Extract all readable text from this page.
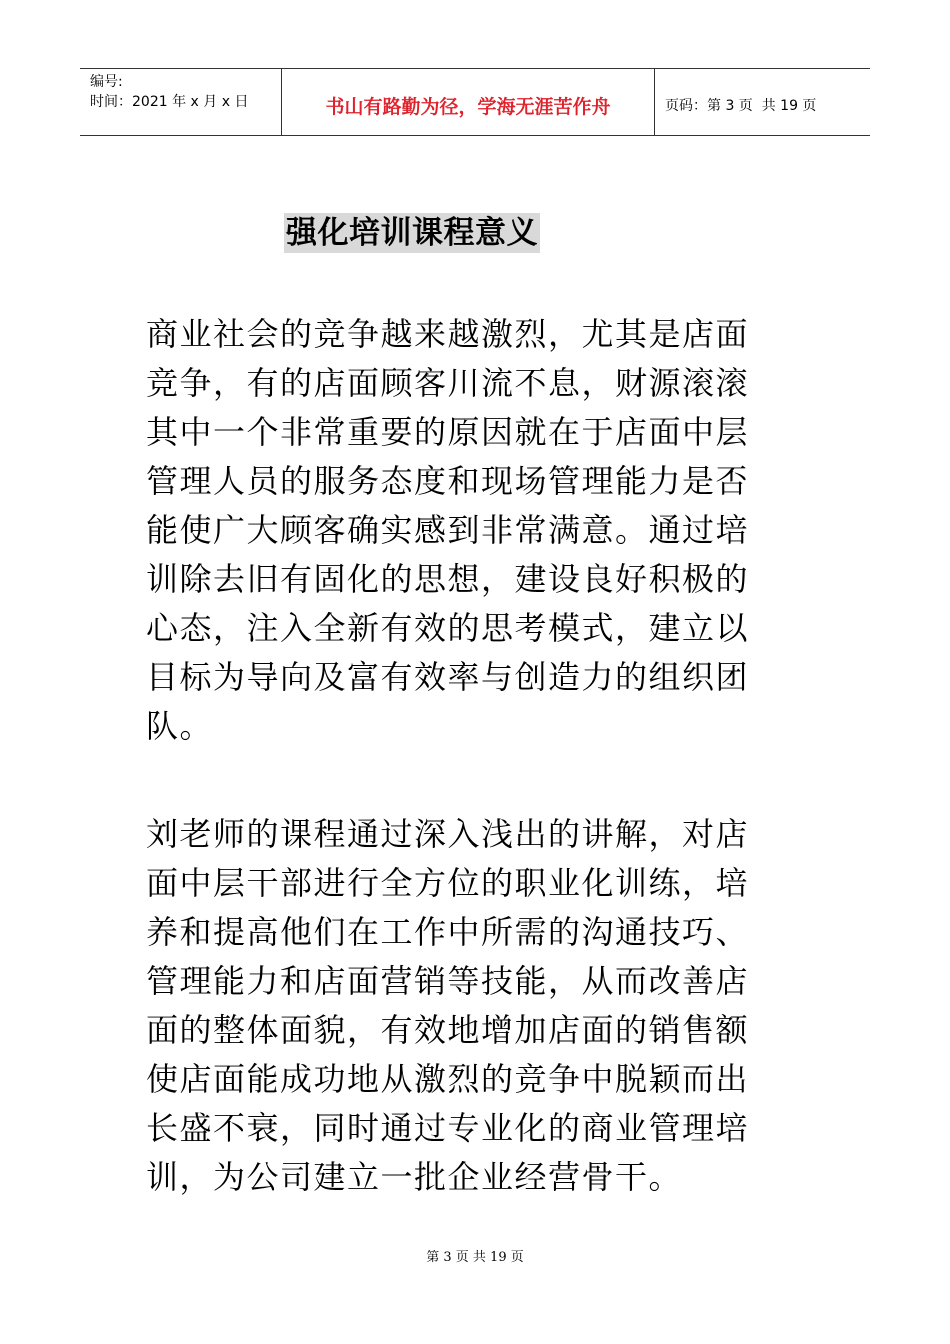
编号:
时间：2021 年 x 月 x 日	书山有路勤为径，学海无涯苦作舟	页码：第 3 页  共 19 页
强化培训课程意义
商业社会的竞争越来越激烈，尤其是店面
竞争，有的店面顾客川流不息，财源滚滚
其中一个非常重要的原因就在于店面中层
管理人员的服务态度和现场管理能力是否
能使广大顾客确实感到非常满意。通过培
训除去旧有固化的思想，建设良好积极的
心态，注入全新有效的思考模式，建立以
目标为导向及富有效率与创造力的组织团
队。
刘老师的课程通过深入浅出的讲解，对店
面中层干部进行全方位的职业化训练，培
养和提高他们在工作中所需的沟通技巧、
管理能力和店面营销等技能，从而改善店
面的整体面貌，有效地增加店面的销售额
使店面能成功地从激烈的竞争中脱颖而出
长盛不衰，同时通过专业化的商业管理培
训，为公司建立一批企业经营骨干。
第 3 页 共 19 页
